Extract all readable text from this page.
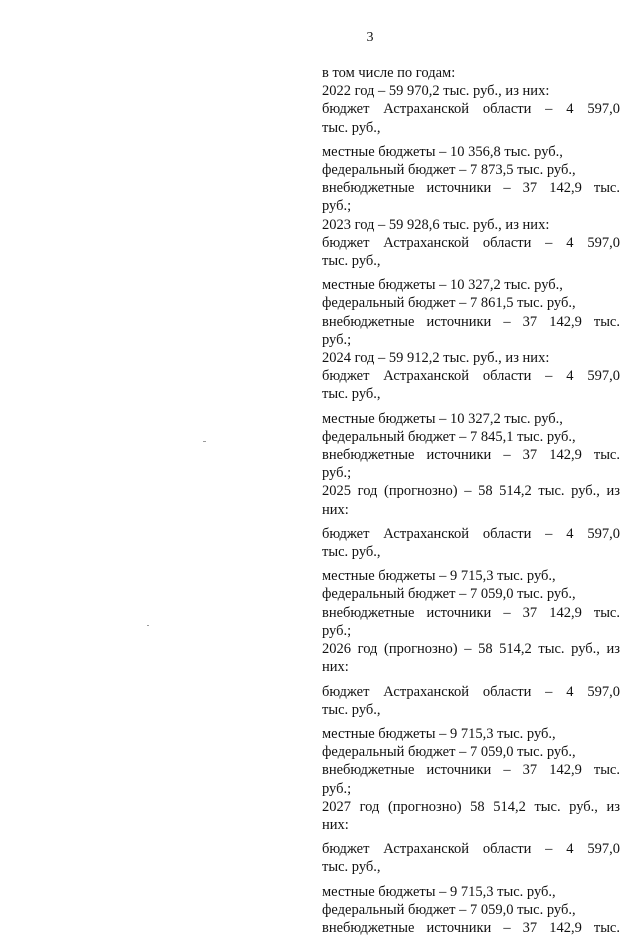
3
в том числе по годам:
2022 год – 59 970,2 тыс. руб., из них:
бюджет Астраханской области – 4 597,0
тыс. руб.,
местные бюджеты – 10 356,8 тыс. руб.,
федеральный бюджет – 7 873,5 тыс. руб.,
внебюджетные источники – 37 142,9 тыс.
руб.;
2023 год – 59 928,6 тыс. руб., из них:
бюджет Астраханской области – 4 597,0
тыс. руб.,
местные бюджеты – 10 327,2 тыс. руб.,
федеральный бюджет – 7 861,5 тыс. руб.,
внебюджетные источники – 37 142,9 тыс.
руб.;
2024 год – 59 912,2 тыс. руб., из них:
бюджет Астраханской области – 4 597,0
тыс. руб.,
местные бюджеты – 10 327,2 тыс. руб.,
федеральный бюджет – 7 845,1 тыс. руб.,
внебюджетные источники – 37 142,9 тыс.
руб.;
2025 год (прогнозно) – 58 514,2 тыс. руб., из
них:
бюджет Астраханской области – 4 597,0
тыс. руб.,
местные бюджеты – 9 715,3 тыс. руб.,
федеральный бюджет – 7 059,0 тыс. руб.,
внебюджетные источники – 37 142,9 тыс.
руб.;
2026 год (прогнозно) – 58 514,2 тыс. руб., из
них:
бюджет Астраханской области – 4 597,0
тыс. руб.,
местные бюджеты – 9 715,3 тыс. руб.,
федеральный бюджет – 7 059,0 тыс. руб.,
внебюджетные источники – 37 142,9 тыс.
руб.;
2027 год (прогнозно) 58 514,2 тыс. руб., из
них:
бюджет Астраханской области – 4 597,0
тыс. руб.,
местные бюджеты – 9 715,3 тыс. руб.,
федеральный бюджет – 7 059,0 тыс. руб.,
внебюджетные источники – 37 142,9 тыс.
